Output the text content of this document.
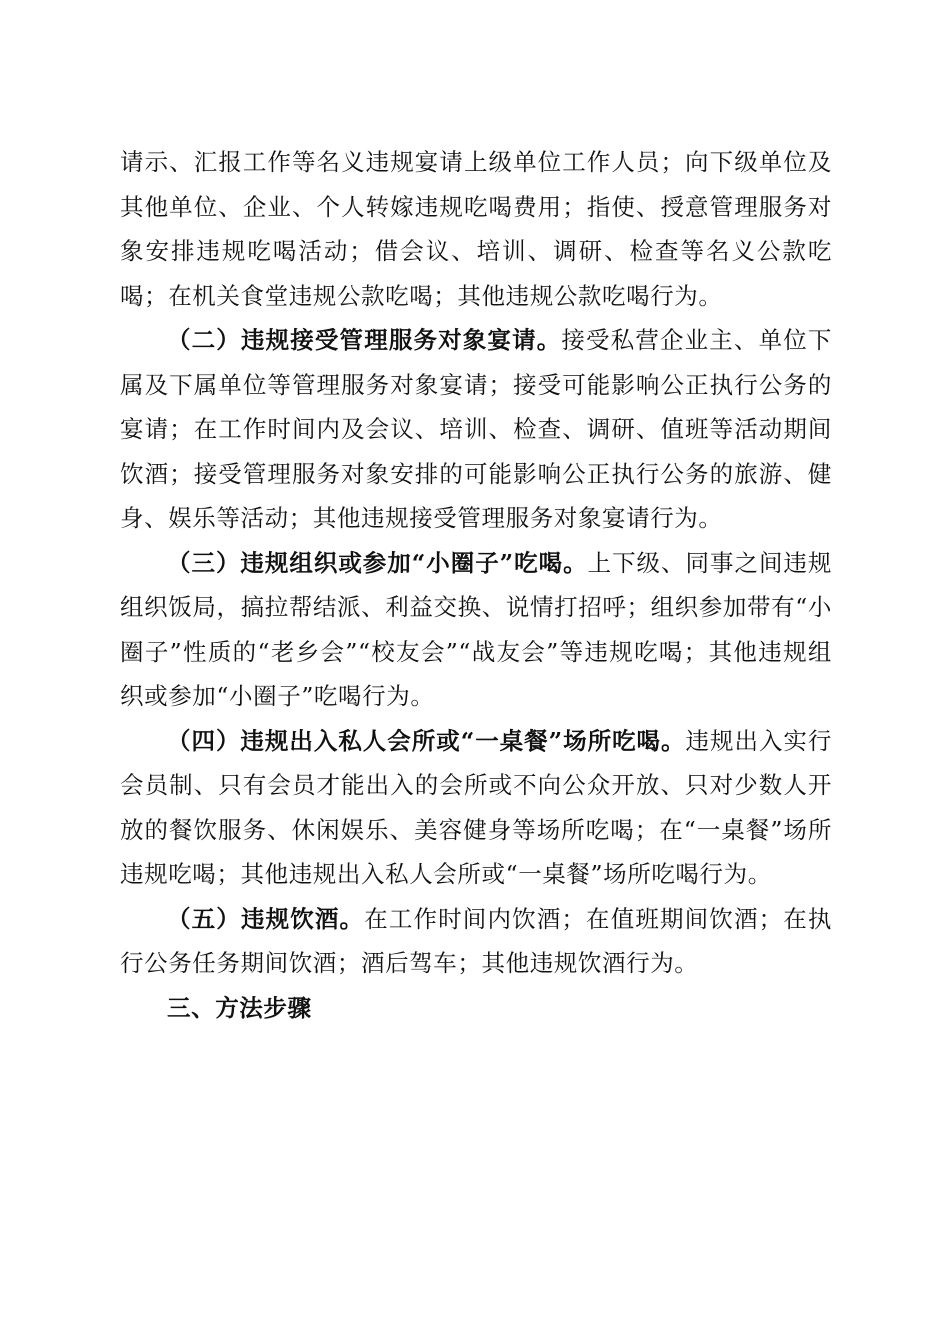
请示、汇报工作等名义违规宴请上级单位工作人员；向下级单位及其他单位、企业、个人转嫁违规吃喝费用；指使、授意管理服务对象安排违规吃喝活动；借会议、培训、调研、检查等名义公款吃喝；在机关食堂违规公款吃喝；其他违规公款吃喝行为。

（二）违规接受管理服务对象宴请。接受私营企业主、单位下属及下属单位等管理服务对象宴请；接受可能影响公正执行公务的宴请；在工作时间内及会议、培训、检查、调研、值班等活动期间饮酒；接受管理服务对象安排的可能影响公正执行公务的旅游、健身、娱乐等活动；其他违规接受管理服务对象宴请行为。

（三）违规组织或参加“小圈子”吃喝。上下级、同事之间违规组织饭局，搞拉帮结派、利益交换、说情打招呼；组织参加带有“小圈子”性质的“老乡会”“校友会”“战友会”等违规吃喝；其他违规组织或参加“小圈子”吃喝行为。

（四）违规出入私人会所或“一桌餐”场所吃喝。违规出入实行会员制、只有会员才能出入的会所或不向公众开放、只对少数人开放的餐饮服务、休闲娱乐、美容健身等场所吃喝；在“一桌餐”场所违规吃喝；其他违规出入私人会所或“一桌餐”场所吃喝行为。

（五）违规饮酒。在工作时间内饮酒；在值班期间饮酒；在执行公务任务期间饮酒；酒后驾车；其他违规饮酒行为。

三、方法步骤
